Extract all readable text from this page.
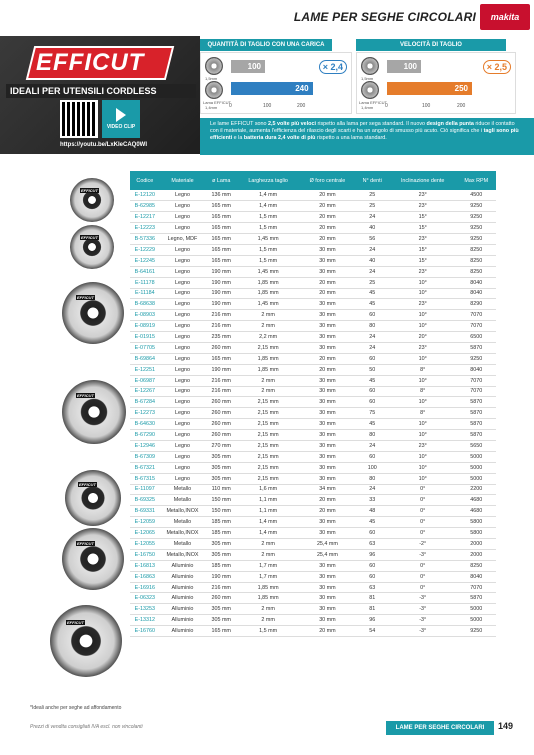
LAME PER SEGHE CIRCOLARI	makita
EFFICUT
IDEALI PER UTENSILI CORDLESS
VIDEO CLIP
https://youtu.be/LxKIeCAQ0WI
QUANTITÀ DI TAGLIO CON UNA CARICA
1,5mm
Lama EFFICUT
1,4mm
100
240
× 2,4
0	100	200
VELOCITÀ DI TAGLIO
1,5mm
Lama EFFICUT
1,4mm
100
250
× 2,5
0	100	200
Le lame EFFICUT sono 2,5 volte più veloci rispetto alla lama per sega standard. Il nuovo design della punta riduce il contatto con il materiale, aumenta l'efficienza del rilascio degli scarti e ha un angolo di smusso più acuto. Ciò significa che i tagli sono più efficienti e la batteria dura 2,4 volte di più rispetto a una lama standard.
EFFICUT
EFFICUT
EFFICUT
EFFICUT
EFFICUT
EFFICUT
EFFICUT
Codice	Materiale	ø Lama	Larghezza taglio	Ø foro centrale	N° denti	Inclinazione dente	Max RPM
E-12120	Legno	136 mm	1,4 mm	20 mm	25	23°	4500
B-62985	Legno	165 mm	1,4 mm	20 mm	25	23°	9250
E-12217	Legno	165 mm	1,5 mm	20 mm	24	15°	9250
E-12223	Legno	165 mm	1,5 mm	20 mm	40	15°	9250
B-57336	Legno, MDF	165 mm	1,45 mm	20 mm	56	23°	9250
E-12229	Legno	165 mm	1,5 mm	30 mm	24	15°	8250
E-12245	Legno	165 mm	1,5 mm	30 mm	40	15°	8250
B-64161	Legno	190 mm	1,45 mm	30 mm	24	23°	8250
E-11178	Legno	190 mm	1,85 mm	20 mm	25	10°	8040
E-11184	Legno	190 mm	1,85 mm	20 mm	45	10°	8040
B-68638	Legno	190 mm	1,45 mm	30 mm	45	23°	8290
E-08903	Legno	216 mm	2 mm	30 mm	60	10°	7070
E-08919	Legno	216 mm	2 mm	30 mm	80	10°	7070
E-01915	Legno	235 mm	2,2 mm	30 mm	24	20°	6500
E-07705	Legno	260 mm	2,15 mm	30 mm	24	23°	5870
B-69864	Legno	165 mm	1,85 mm	20 mm	60	10°	9250
E-12251	Legno	190 mm	1,85 mm	20 mm	50	8°	8040
E-06987	Legno	216 mm	2 mm	30 mm	45	10°	7070
E-12267	Legno	216 mm	2 mm	30 mm	60	8°	7070
B-67284	Legno	260 mm	2,15 mm	30 mm	60	10°	5870
E-12273	Legno	260 mm	2,15 mm	30 mm	75	8°	5870
B-64630	Legno	260 mm	2,15 mm	30 mm	45	10°	5870
B-67290	Legno	260 mm	2,15 mm	30 mm	80	10°	5870
E-12946	Legno	270 mm	2,15 mm	30 mm	24	23°	5650
B-67309	Legno	305 mm	2,15 mm	30 mm	60	10°	5000
B-67321	Legno	305 mm	2,15 mm	30 mm	100	10°	5000
B-67315	Legno	305 mm	2,15 mm	30 mm	80	10°	5000
E-11097	Metallo	110 mm	1,6 mm	34 mm	24	0°	2200
B-69325	Metallo	150 mm	1,1 mm	20 mm	33	0°	4680
B-69331	Metallo,INOX	150 mm	1,1 mm	20 mm	48	0°	4680
E-12059	Metallo	185 mm	1,4 mm	30 mm	45	0°	5800
E-12065	Metallo,INOX	185 mm	1,4 mm	30 mm	60	0°	5800
E-12055	Metallo	305 mm	2 mm	25,4 mm	63	-2°	2000
E-16750	Metallo,INOX	305 mm	2 mm	25,4 mm	96	-3°	2000
E-16813	Alluminio	185 mm	1,7 mm	30 mm	60	0°	8250
E-16863	Alluminio	190 mm	1,7 mm	30 mm	60	0°	8040
E-16916	Alluminio	216 mm	1,85 mm	30 mm	63	0°	7070
E-06323	Alluminio	260 mm	1,85 mm	30 mm	81	-3°	5870
E-13253	Alluminio	305 mm	2 mm	30 mm	81	-3°	5000
E-13312	Alluminio	305 mm	2 mm	30 mm	96	-3°	5000
E-16760	Alluminio	165 mm	1,5 mm	20 mm	54	-3°	9250
*Ideali anche per seghe ad affondamento
Prezzi di vendita consigliati IVA escl. non vincolanti	LAME PER SEGHE CIRCOLARI	149
